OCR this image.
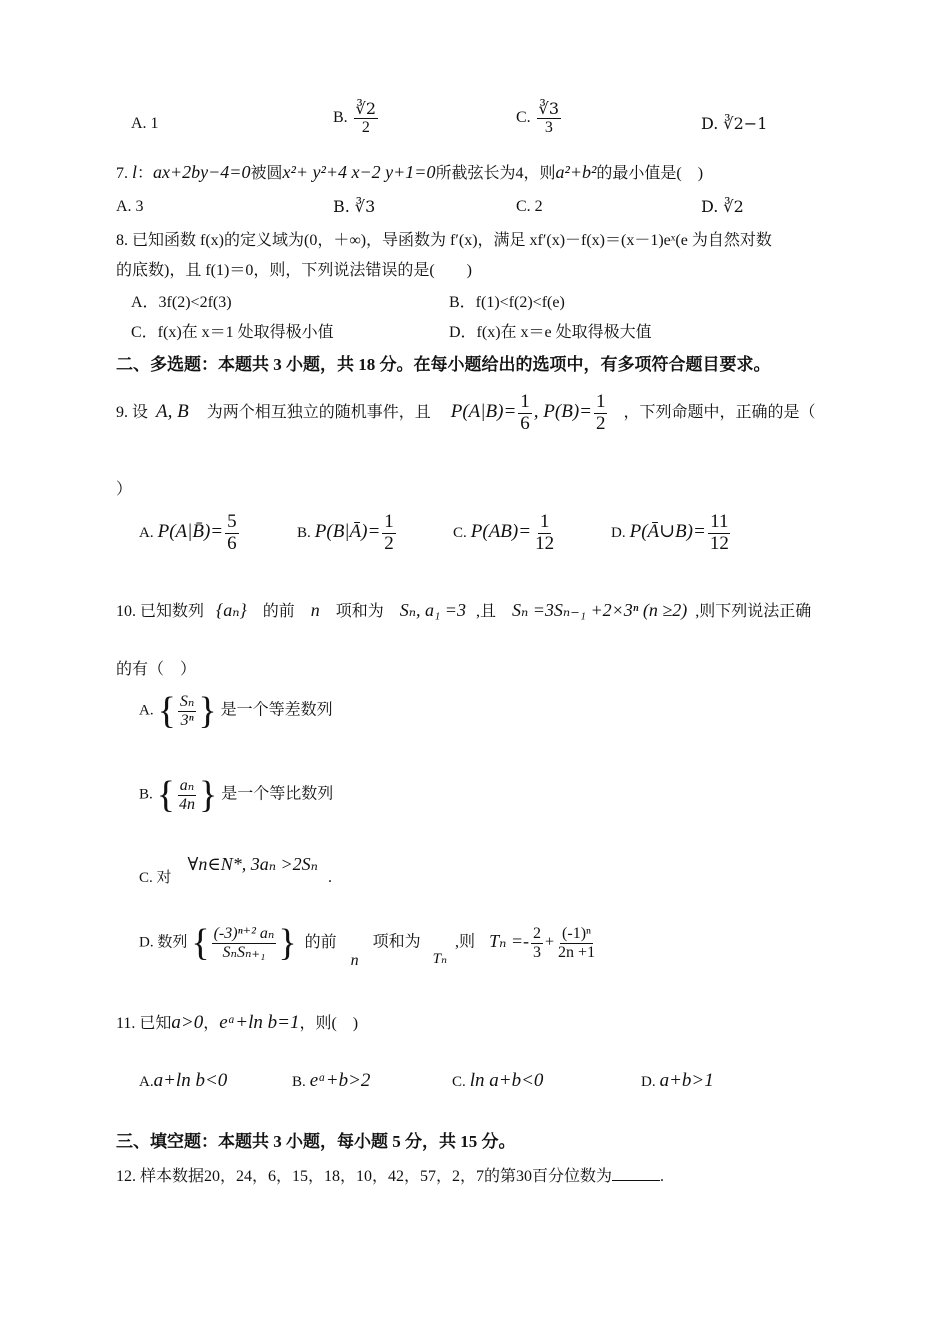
A. 1	B. $\frac{∛2}{2}$	C. $\frac{∛3}{3}$	D. ∛2−1
7. l：ax+2by−4=0被圆x²+ y²+4 x−2 y+1=0所截弦长为4，则a²+b²的最小值是(　)
A. 3	B. ∛3	C. 2	D. ∛2
8. 已知函数 f(x)的定义域为(0，＋∞)，导函数为 f′(x)，满足 xf′(x)－f(x)＝(x－1)eˣ(e 为自然对数
的底数)，且 f(1)＝0，则，下列说法错误的是(　　)
A．3f(2)<2f(3)	B．f(1)<f(2)<f(e)
C．f(x)在 x＝1 处取得极小值	D．f(x)在 x＝e 处取得极大值
二、多选题：本题共 3 小题，共 18 分。在每小题给出的选项中，有多项符合题目要求。
9. 设 A, B 为两个相互独立的随机事件，且 $P(A|B)= \frac{1}{6}$ , $P(B)= \frac{1}{2}$ ，下列命题中，正确的是（
）
A. P(A|B̄)= $\frac{5}{6}$	B. P(B|Ā)= $\frac{1}{2}$	C. $P(AB)= \frac{1}{12}$	D. P(Ā∪B)= $\frac{11}{12}$
10. 已知数列 {aₙ} 的前 n 项和为 Sₙ, a₁ =3 ,且 Sₙ =3Sₙ₋₁ +2×3ⁿ (n ≥2) ,则下列说法正确
的有（　）
A. { $\frac{\text{Sₙ}}{\text{3ⁿ}}$ } 是一个等差数列
B. { $\frac{\text{aₙ}}{4n}$ } 是一个等比数列
C. 对 ∀n∈N*, 3aₙ >2Sₙ .
D. 数列 { $\frac{\text{(-3)ⁿ⁺² aₙ}}{\text{SₙSₙ₊₁}}$ } 的前 n 项和为 Tₙ ,则 $T_n =- \frac{2}{3} + \frac{\text{(-1)ⁿ}}{2n +1}$
11. 已知a>0，eᵃ+ln b=1，则(　)
A.a+ln b<0	B. eᵃ+b>2	C. ln a+b<0	D. a+b>1
三、填空题：本题共 3 小题，每小题 5 分，共 15 分。
12. 样本数据20，24，6，15，18，10，42，57，2，7的第30百分位数为	.
